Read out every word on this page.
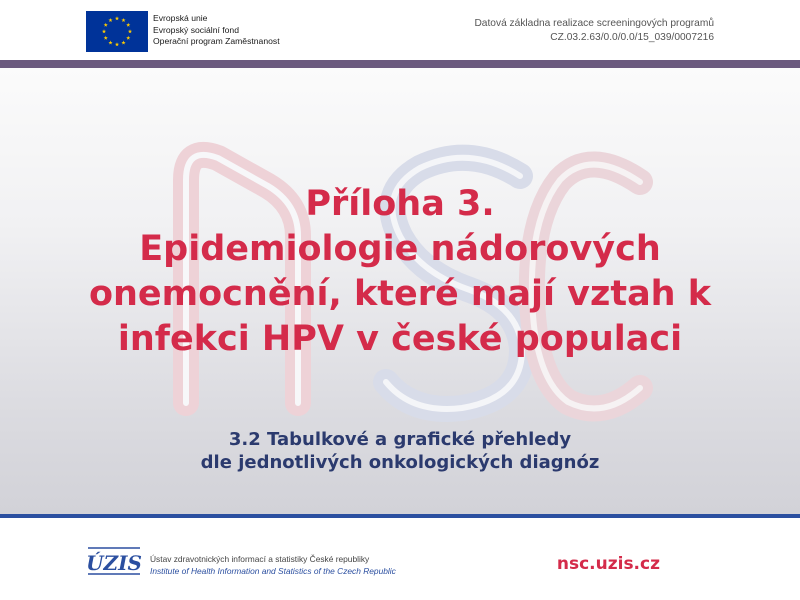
Evropská unie
Evropský sociální fond
Operační program Zaměstnanost
Datová základna realizace screeningových programů
CZ.03.2.63/0.0/0.0/15_039/0007216
Příloha 3.
Epidemiologie nádorových
onemocnění, které mají vztah k
infekci HPV v české populaci
3.2 Tabulkové a grafické přehledy
dle jednotlivých onkologických diagnóz
ÚZIS Ústav zdravotnických informací a statistiky České republiky
Institute of Health Information and Statistics of the Czech Republic	nsc.uzis.cz
